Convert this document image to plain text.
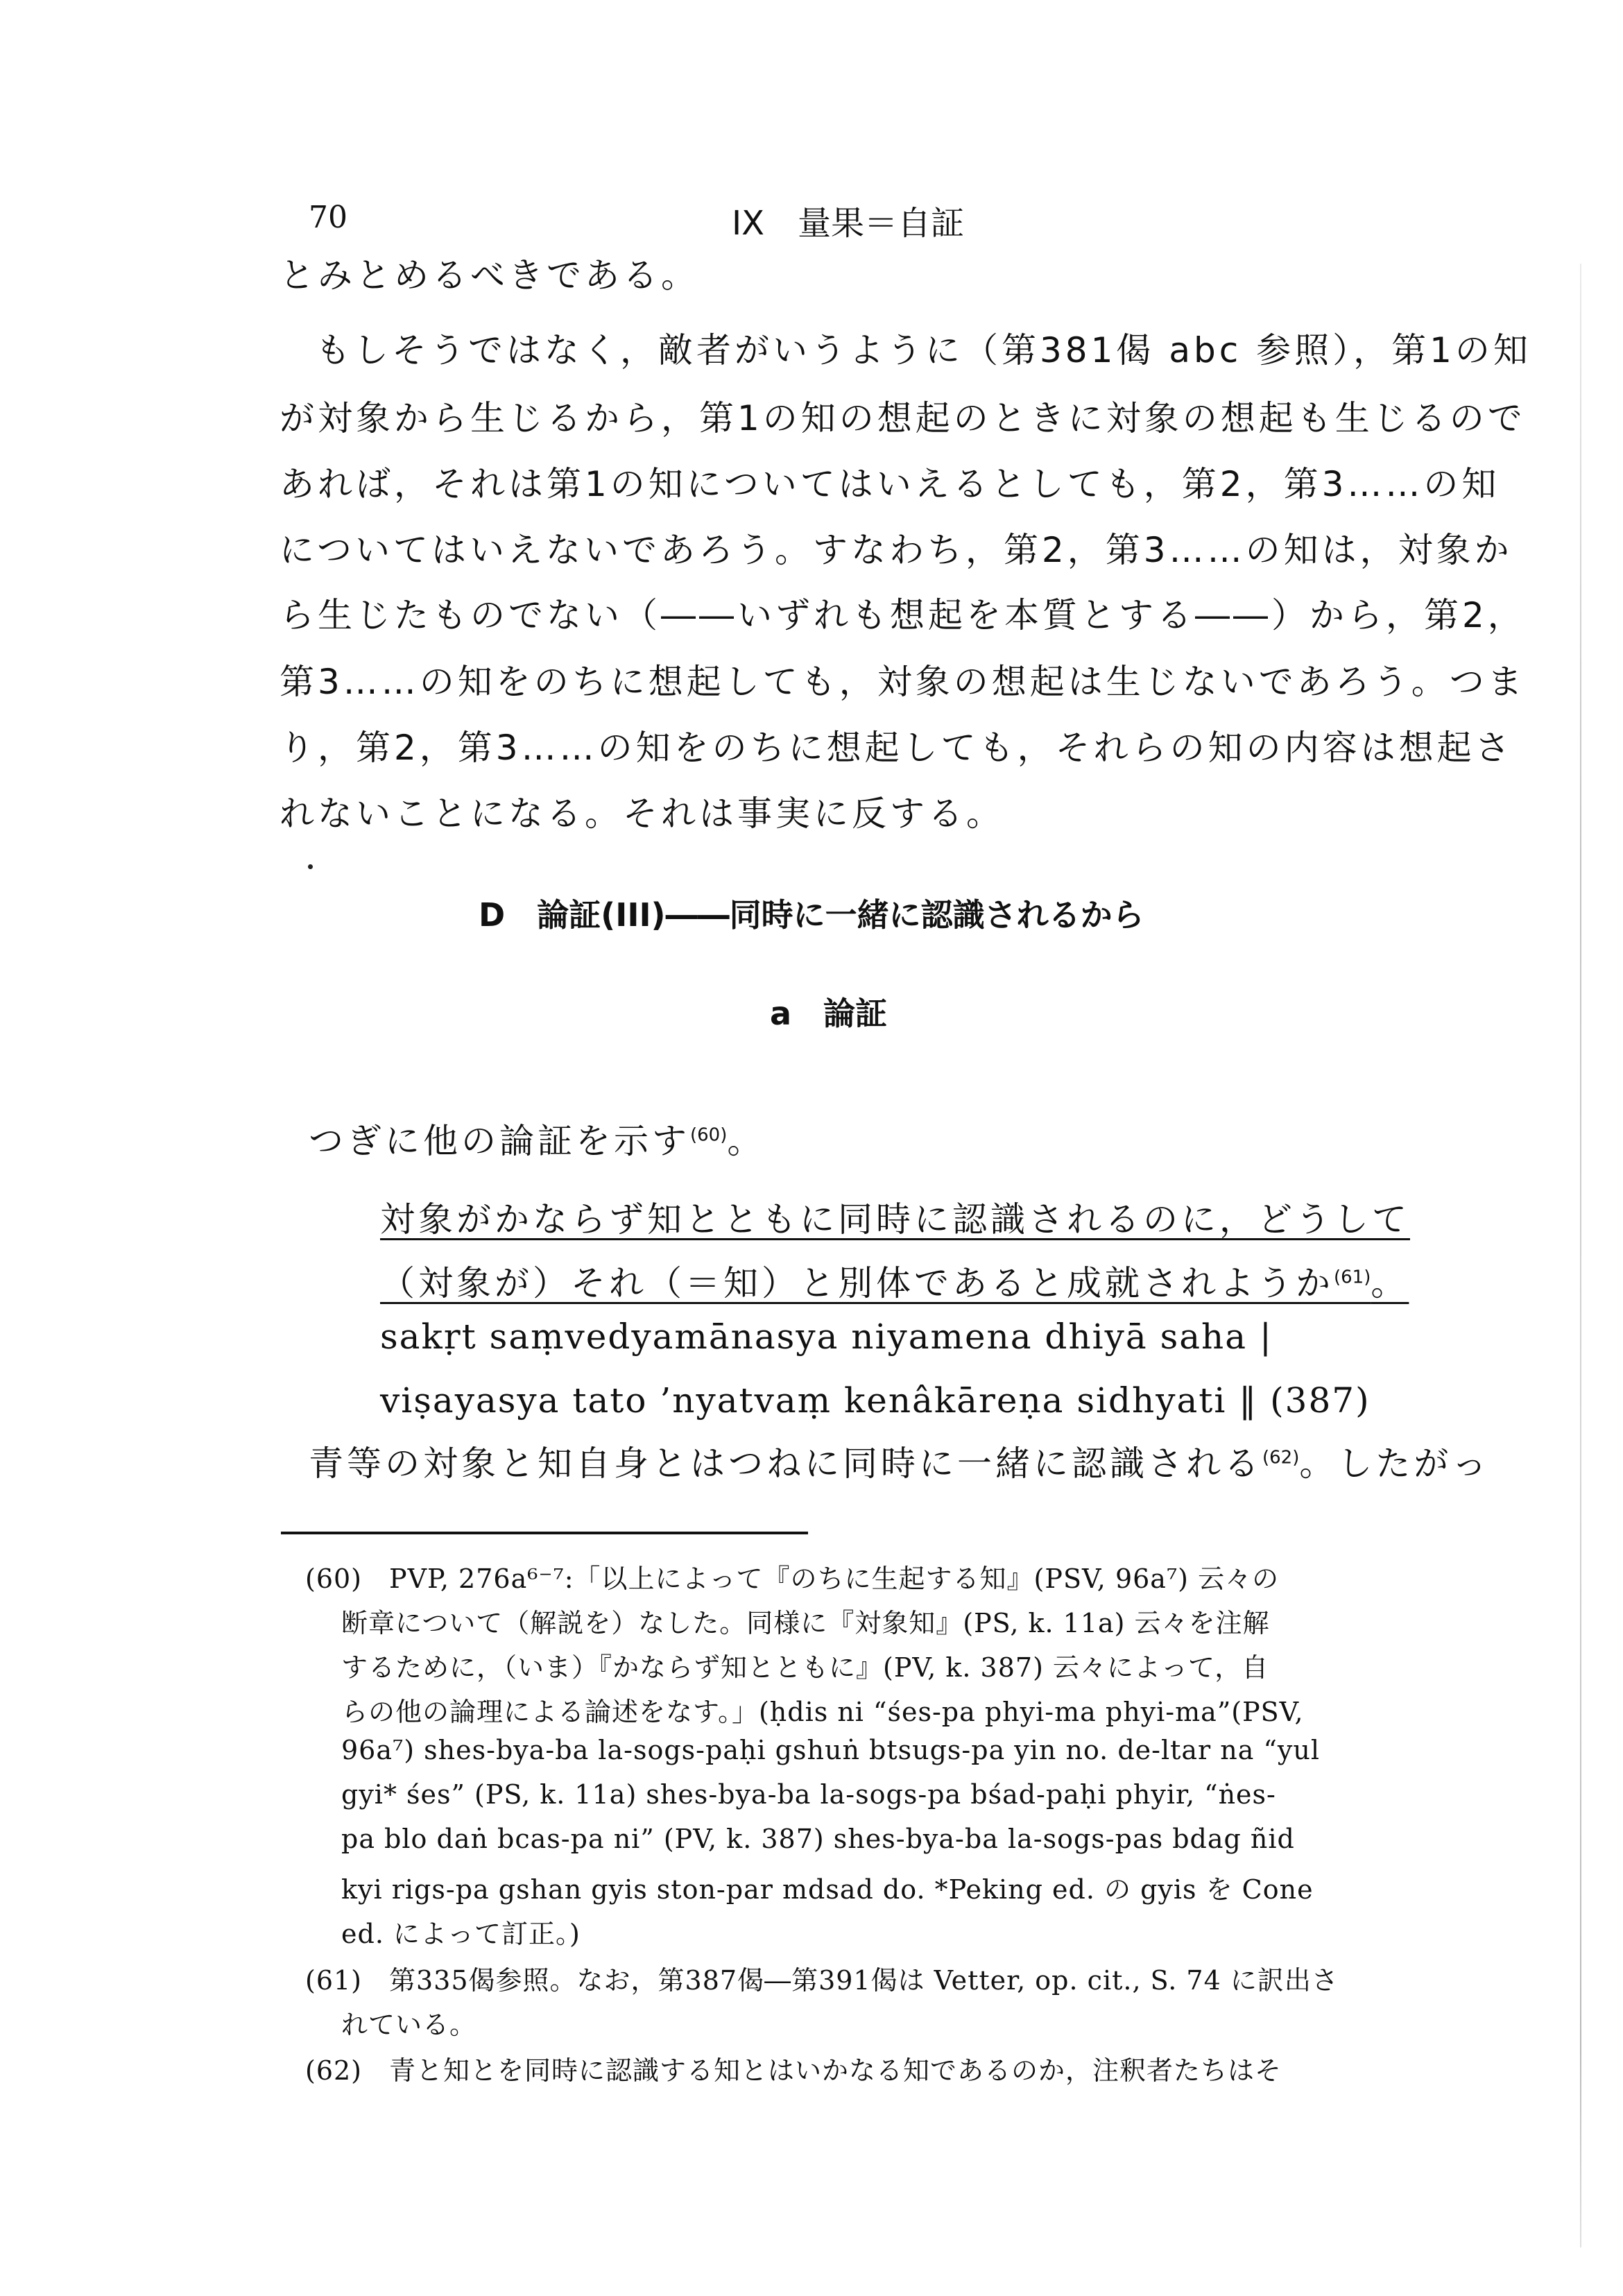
70	IX　量果＝自証
とみとめるべきである。
もしそうではなく，敵者がいうように（第381偈 abc 参照），第1の知
が対象から生じるから，第1の知の想起のときに対象の想起も生じるので
あれば，それは第1の知についてはいえるとしても，第2，第3……の知
についてはいえないであろう。すなわち，第2，第3……の知は，対象か
ら生じたものでない（――いずれも想起を本質とする――）から，第2，
第3……の知をのちに想起しても，対象の想起は生じないであろう。つま
り，第2，第3……の知をのちに想起しても，それらの知の内容は想起さ
れないことになる。それは事実に反する。
D　論証(III)――同時に一緒に認識されるから
a　論証
つぎに他の論証を示す$^{(60)}$。
対象がかならず知とともに同時に認識されるのに，どうして
（対象が）それ（＝知）と別体であると成就されようか$^{(61)}$。
sakṛt saṃvedyamānasya niyamena dhiyā saha |
viṣayasya tato ’nyatvaṃ kenâkāreṇa sidhyati ‖ (387)
青等の対象と知自身とはつねに同時に一緒に認識される$^{(62)}$。したがっ
(60)　PVP, 276a⁶⁻⁷:「以上によって『のちに生起する知』(PSV, 96a⁷) 云々の
断章について（解説を）なした。同様に『対象知』(PS, k. 11a) 云々を注解
するために，（いま）『かならず知とともに』(PV, k. 387) 云々によって，自
らの他の論理による論述をなす。」(ḥdis ni “śes-pa phyi-ma phyi-ma”(PSV,
96a⁷) shes-bya-ba la-sogs-paḥi gshuṅ btsugs-pa yin no. de-ltar na “yul
gyi* śes” (PS, k. 11a) shes-bya-ba la-sogs-pa bśad-paḥi phyir, “ṅes-
pa blo daṅ bcas-pa ni” (PV, k. 387) shes-bya-ba la-sogs-pas bdag ñid
kyi rigs-pa gshan gyis ston-par mdsad do. *Peking ed. の gyis を Cone
ed. によって訂正。)
(61)　第335偈参照。なお，第387偈―第391偈は Vetter, op. cit., S. 74 に訳出さ
れている。
(62)　青と知とを同時に認識する知とはいかなる知であるのか，注釈者たちはそ
